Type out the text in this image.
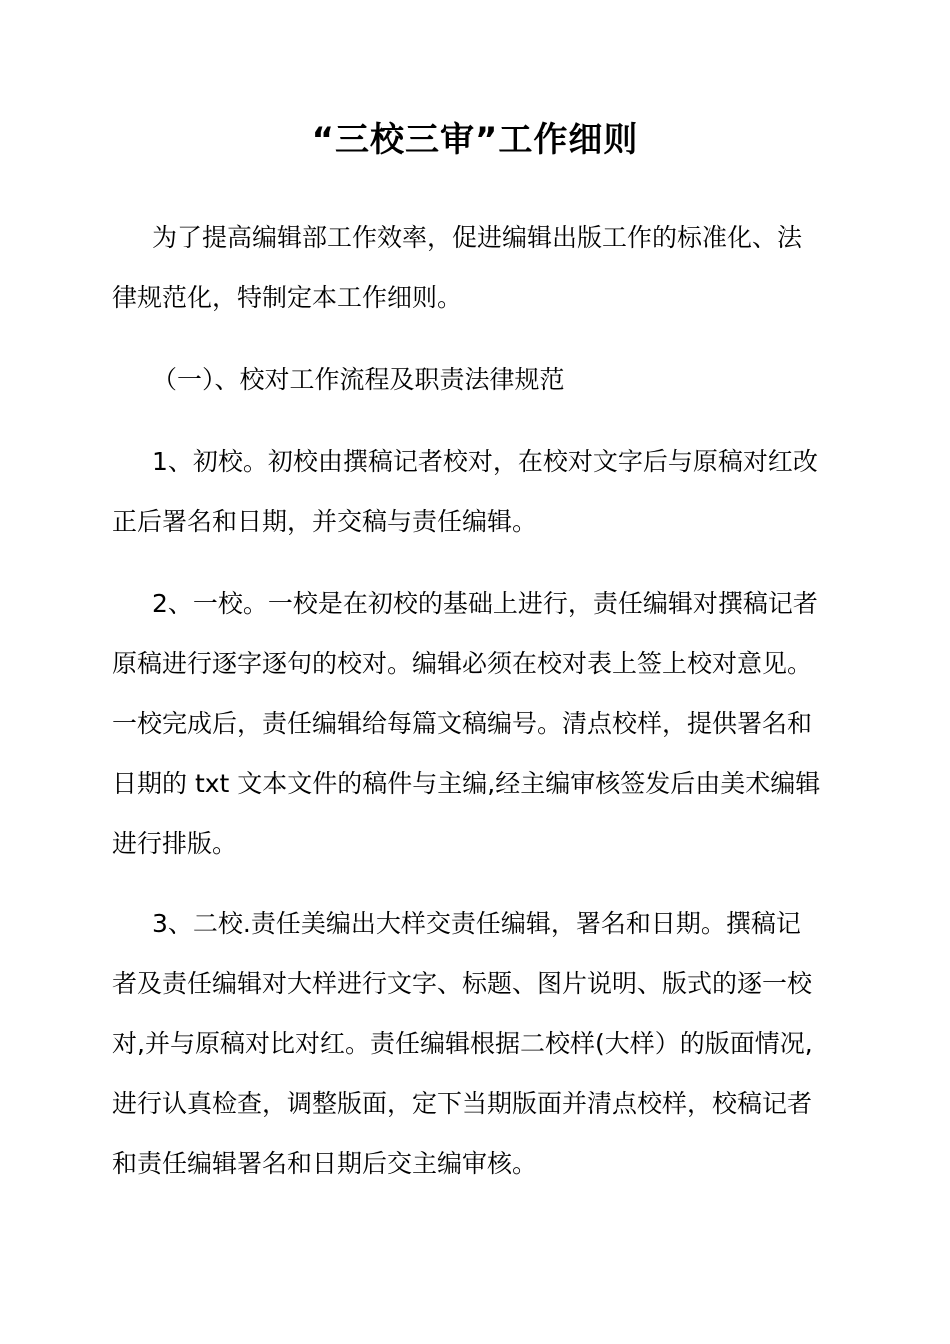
“三校三审”工作细则
为了提高编辑部工作效率，促进编辑出版工作的标准化、法
律规范化，特制定本工作细则。
（一）、校对工作流程及职责法律规范
1、初校。初校由撰稿记者校对，在校对文字后与原稿对红改
正后署名和日期，并交稿与责任编辑。
2、一校。一校是在初校的基础上进行，责任编辑对撰稿记者
原稿进行逐字逐句的校对。编辑必须在校对表上签上校对意见。
一校完成后，责任编辑给每篇文稿编号。清点校样，提供署名和
日期的 txt 文本文件的稿件与主编,经主编审核签发后由美术编辑
进行排版。
3、二校.责任美编出大样交责任编辑，署名和日期。撰稿记
者及责任编辑对大样进行文字、标题、图片说明、版式的逐一校
对,并与原稿对比对红。责任编辑根据二校样(大样）的版面情况,
进行认真检查，调整版面，定下当期版面并清点校样，校稿记者
和责任编辑署名和日期后交主编审核。
